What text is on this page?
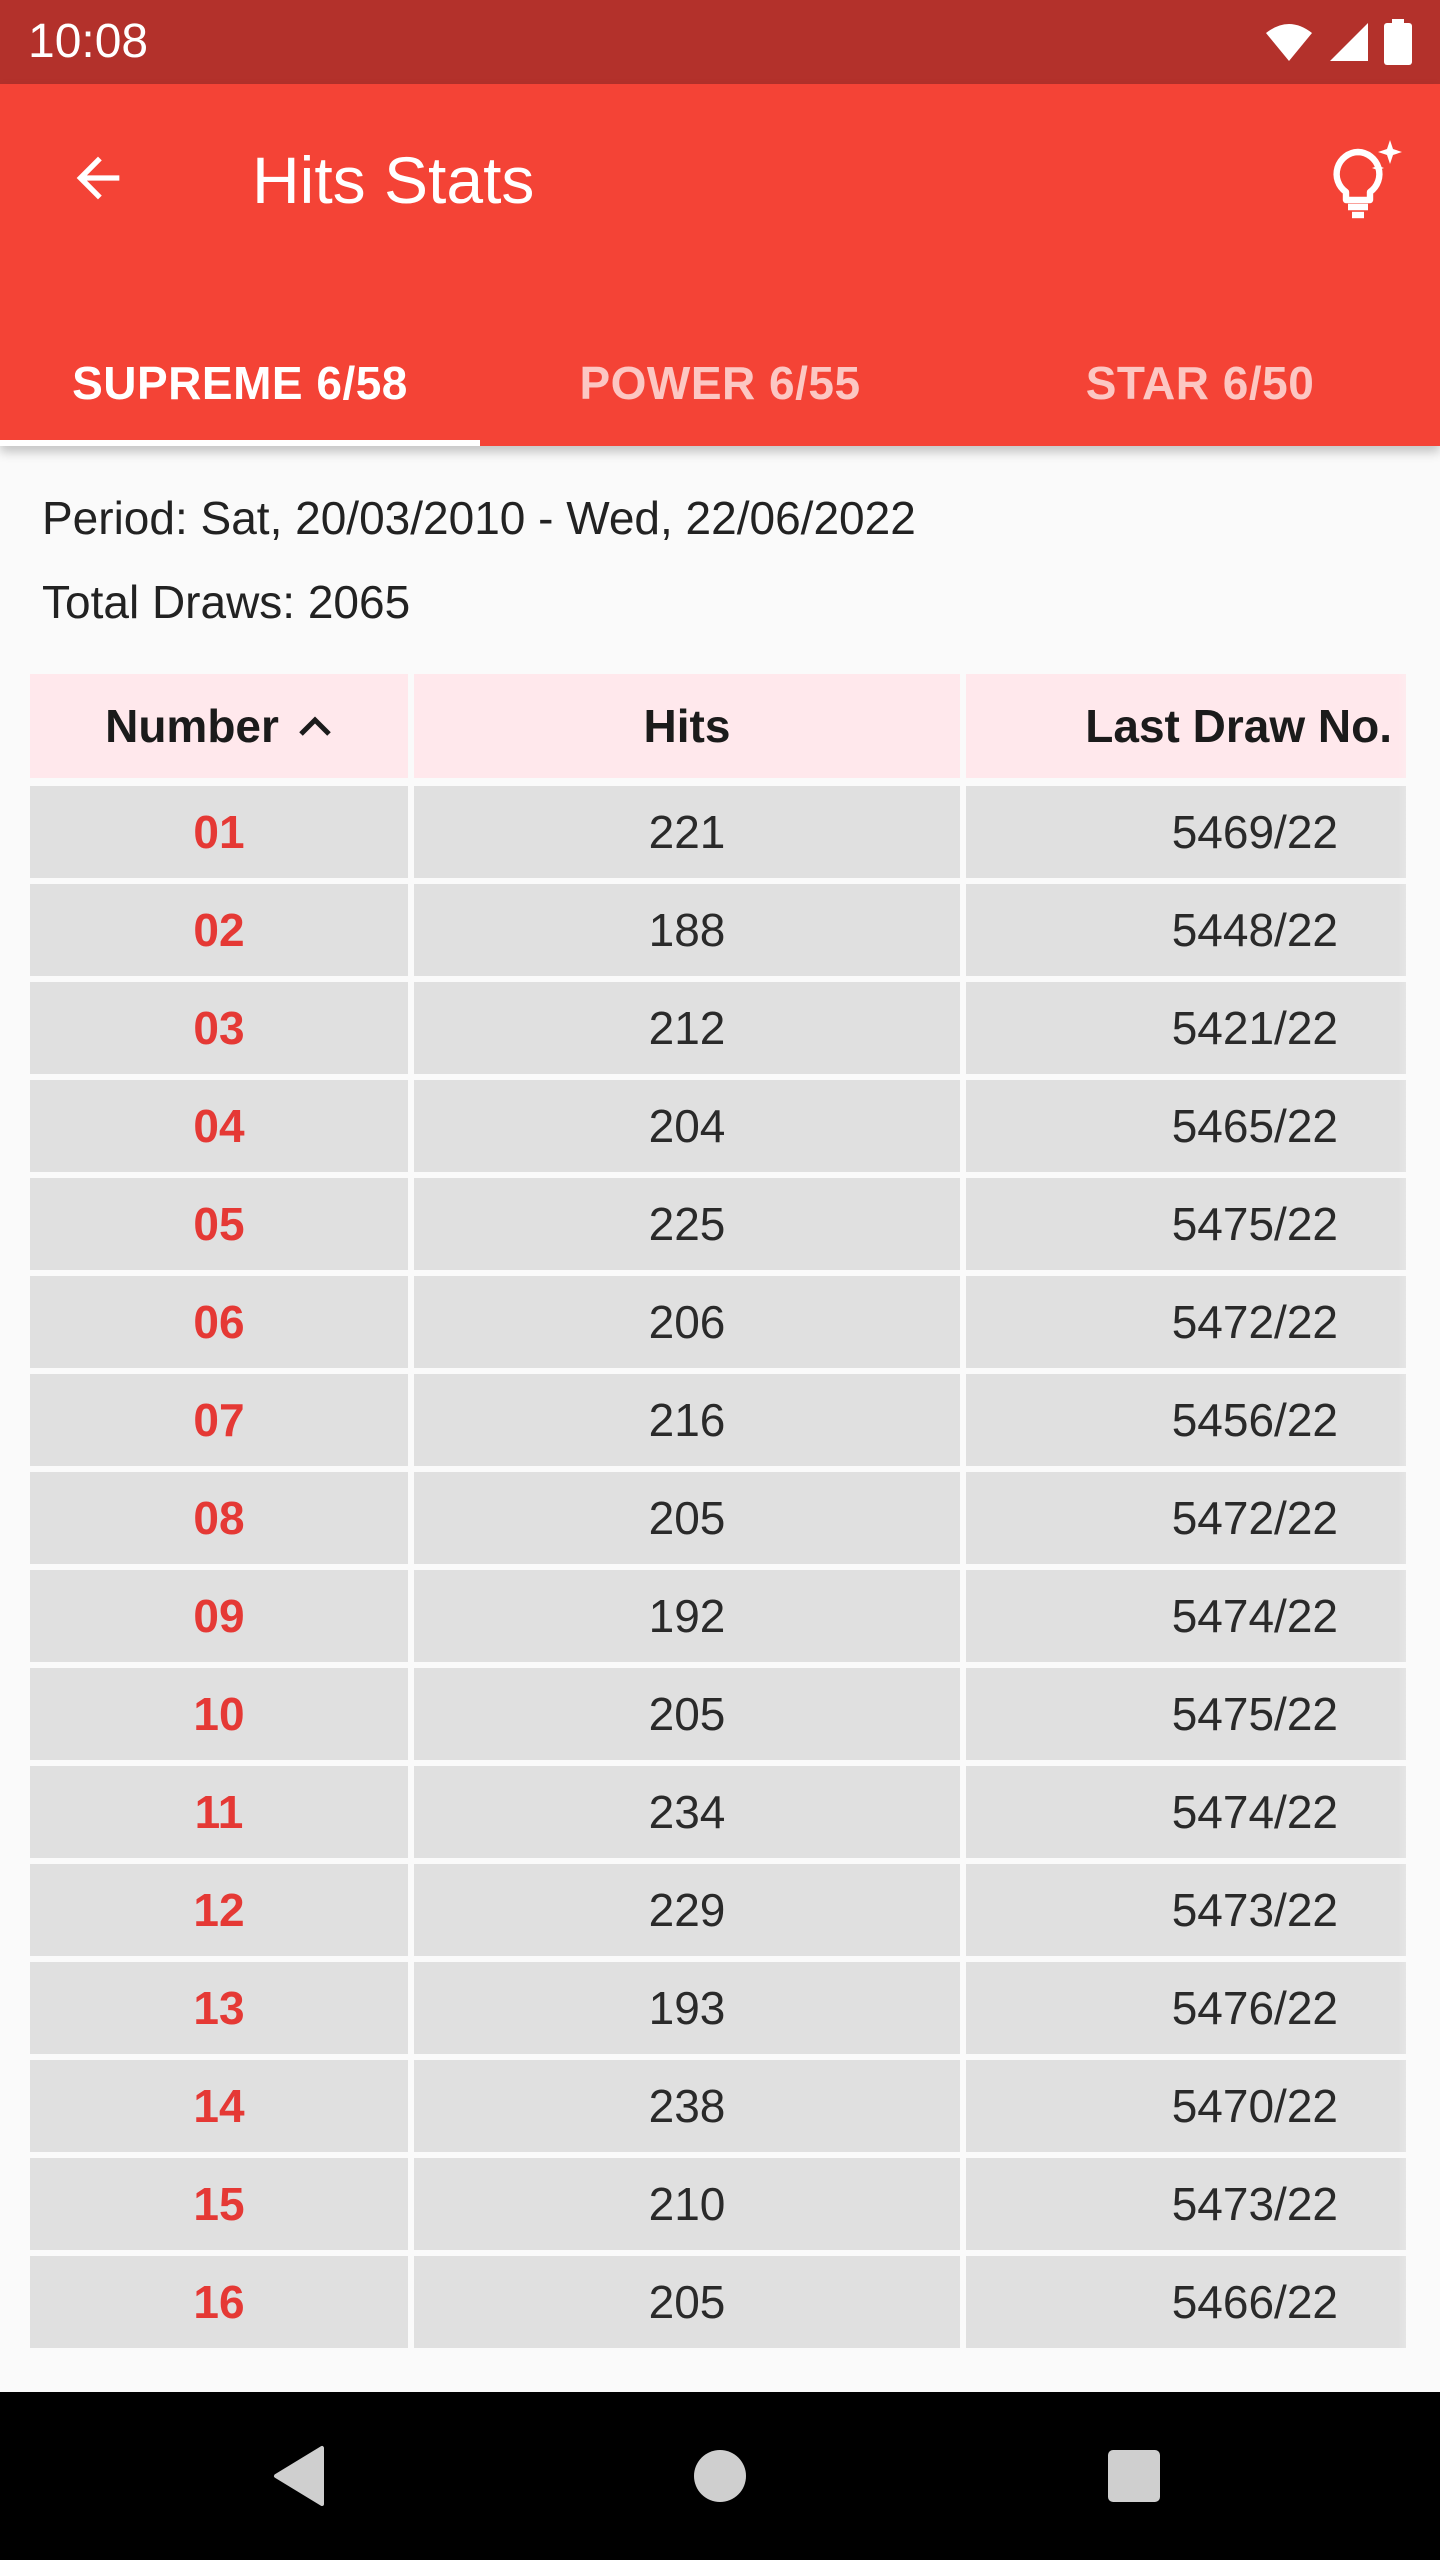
10:08
Hits Stats
SUPREME 6/58	POWER 6/55	STAR 6/50
Period: Sat, 20/03/2010 - Wed, 22/06/2022
Total Draws: 2065
Number	Hits	Last Draw No.
01	221	5469/22
02	188	5448/22
03	212	5421/22
04	204	5465/22
05	225	5475/22
06	206	5472/22
07	216	5456/22
08	205	5472/22
09	192	5474/22
10	205	5475/22
11	234	5474/22
12	229	5473/22
13	193	5476/22
14	238	5470/22
15	210	5473/22
16	205	5466/22
